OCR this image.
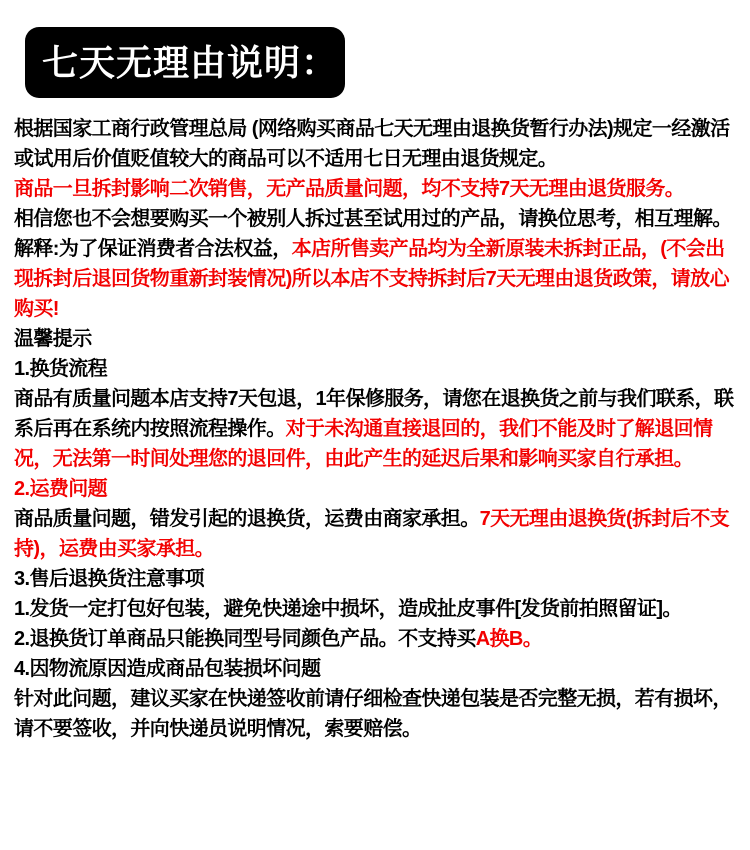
七天无理由说明：

根据国家工商行政管理总局 (网络购买商品七天无理由退换货暂行办法)规定一经激活或试用后价值贬值较大的商品可以不适用七日无理由退货规定。

商品一旦拆封影响二次销售，无产品质量问题，均不支持7天无理由退货服务。
相信您也不会想要购买一个被别人拆过甚至试用过的产品，请换位思考，相互理解。

解释:为了保证消费者合法权益，本店所售卖产品均为全新原装未拆封正品，(不会出现拆封后退回货物重新封装情况)所以本店不支持拆封后7天无理由退货政策，请放心购买!

温馨提示

1.换货流程

商品有质量问题本店支持7天包退，1年保修服务，请您在退换货之前与我们联系，联系后再在系统内按照流程操作。对于未沟通直接退回的，我们不能及时了解退回情况，无法第一时间处理您的退回件，由此产生的延迟后果和影响买家自行承担。

2.运费问题

商品质量问题，错发引起的退换货，运费由商家承担。7天无理由退换货(拆封后不支持)，运费由买家承担。

3.售后退换货注意事项

1.发货一定打包好包装，避免快递途中损坏，造成扯皮事件[发货前拍照留证]。

2.退换货订单商品只能换同型号同颜色产品。不支持买A换B。

4.因物流原因造成商品包装损坏问题

针对此问题，建议买家在快递签收前请仔细检查快递包装是否完整无损，若有损坏，请不要签收，并向快递员说明情况，索要赔偿。
